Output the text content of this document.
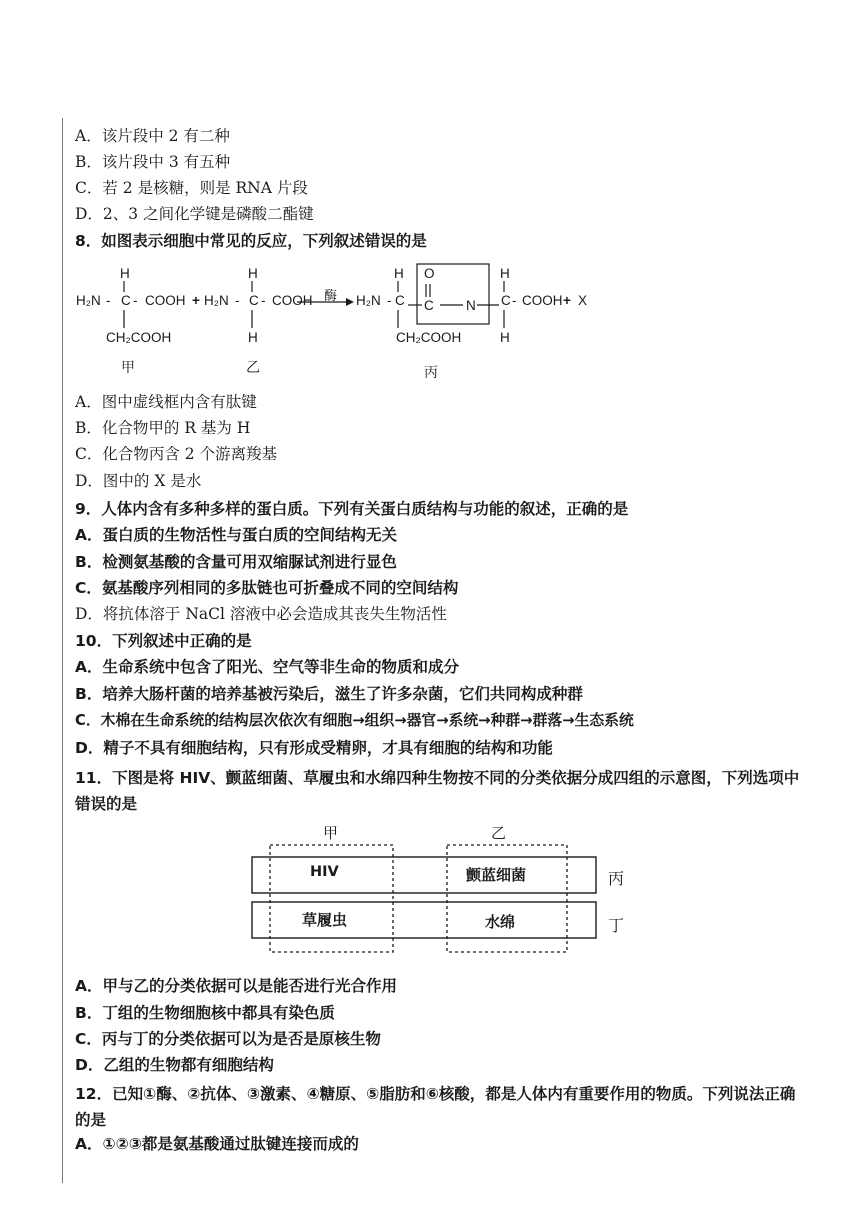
A．该片段中 2 有二种
B．该片段中 3 有五种
C．若 2 是核糖，则是 RNA 片段
D．2、3 之间化学键是磷酸二酯键
8．如图表示细胞中常见的反应，下列叙述错误的是
H
H₂N - C - COOH
CH₂COOH
甲
+
H
H₂N - C - COOH
H
乙
酶
H
H₂N - C
O
C N
H
C - COOH + X
CH₂COOH	H
丙
A．图中虚线框内含有肽键
B．化合物甲的 R 基为 H
C．化合物丙含 2 个游离羧基
D．图中的 X 是水
9．人体内含有多种多样的蛋白质。下列有关蛋白质结构与功能的叙述，正确的是
A．蛋白质的生物活性与蛋白质的空间结构无关
B．检测氨基酸的含量可用双缩脲试剂进行显色
C．氨基酸序列相同的多肽链也可折叠成不同的空间结构
D．将抗体溶于 NaCl 溶液中必会造成其丧失生物活性
10．下列叙述中正确的是
A．生命系统中包含了阳光、空气等非生命的物质和成分
B．培养大肠杆菌的培养基被污染后，滋生了许多杂菌，它们共同构成种群
C．木棉在生命系统的结构层次依次有细胞→组织→器官→系统→种群→群落→生态系统
D．精子不具有细胞结构，只有形成受精卵，才具有细胞的结构和功能
11．下图是将 HIV、颤蓝细菌、草履虫和水绵四种生物按不同的分类依据分成四组的示意图，下列选项中错误的是
甲	乙
丙
丁
HIV	颤蓝细菌
草履虫	水绵
A．甲与乙的分类依据可以是能否进行光合作用
B．丁组的生物细胞核中都具有染色质
C．丙与丁的分类依据可以为是否是原核生物
D．乙组的生物都有细胞结构
12．已知①酶、②抗体、③激素、④糖原、⑤脂肪和⑥核酸，都是人体内有重要作用的物质。下列说法正确的是
A．①②③都是氨基酸通过肽键连接而成的
